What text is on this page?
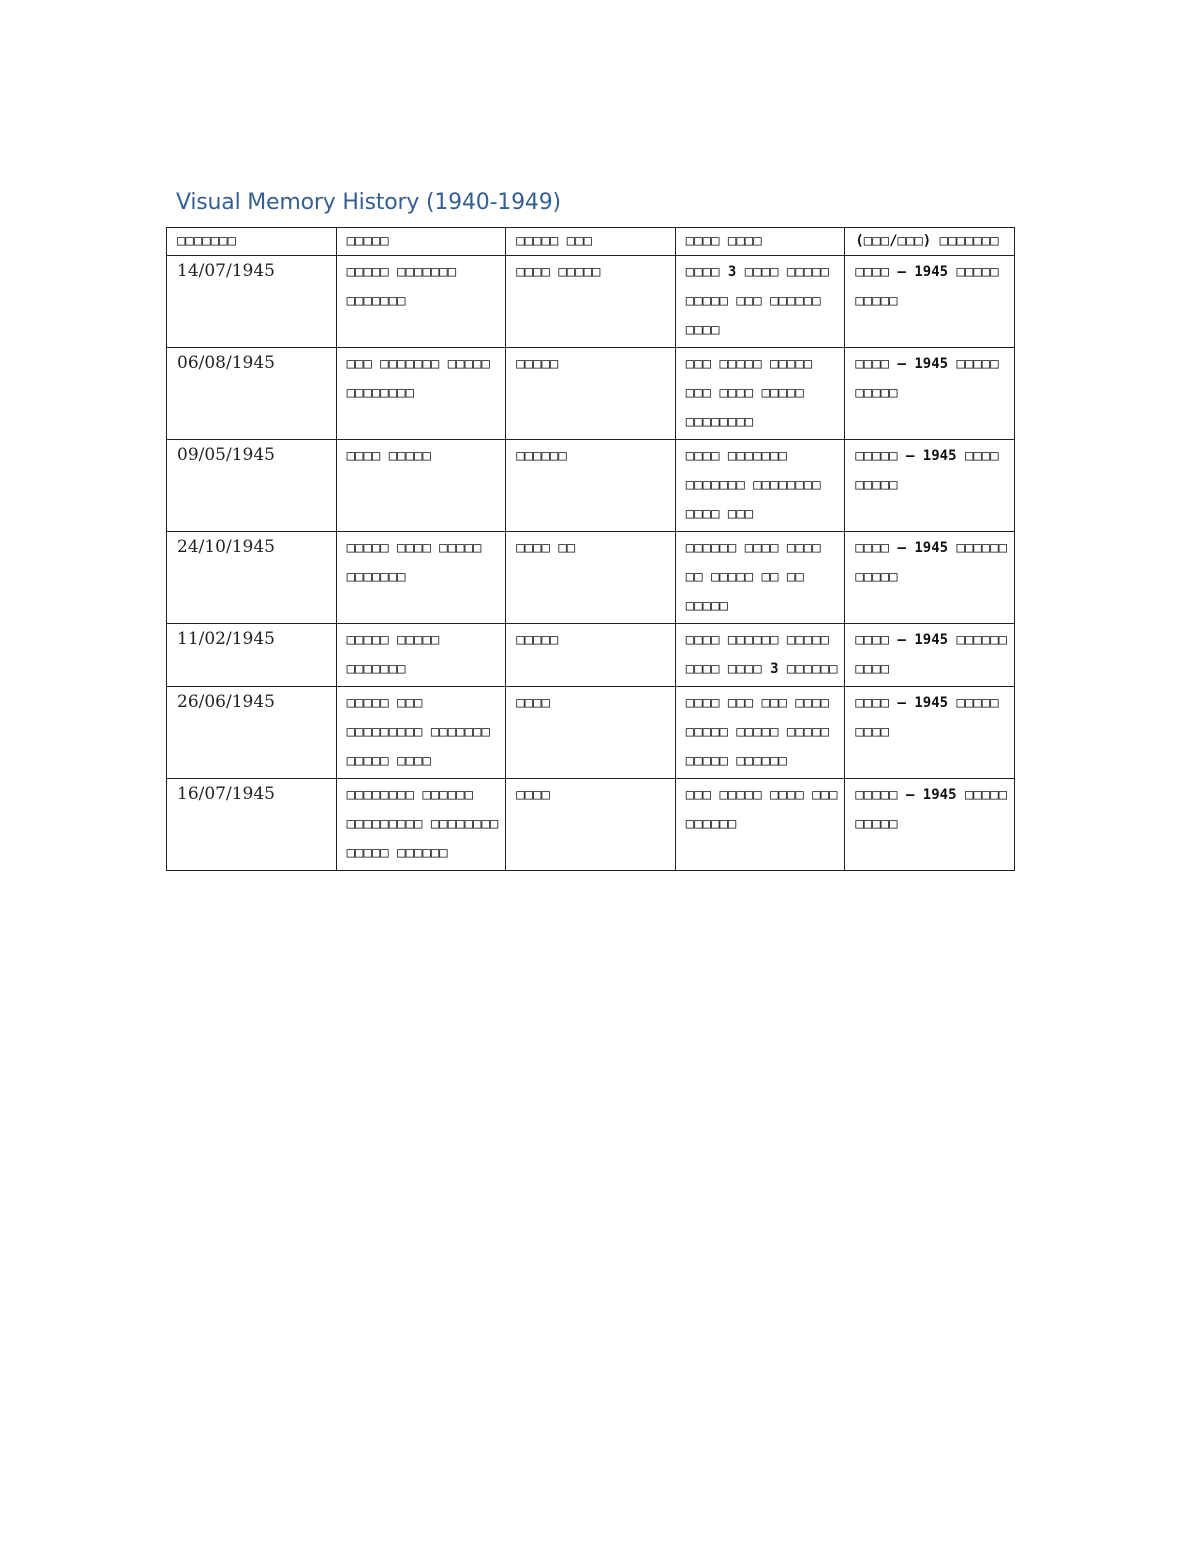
Visual Memory History (1940-1949)
□□□□□□□	□□□□□	□□□□□ □□□	□□□□ □□□□	(□□□/□□□) □□□□□□□
14/07/1945	□□□□□ □□□□□□□ □□□□□□□	□□□□ □□□□□	□□□□ 3 □□□□ □□□□□ □□□□□ □□□ □□□□□□ □□□□	□□□□ – 1945 □□□□□ □□□□□
06/08/1945	□□□ □□□□□□□ □□□□□ □□□□□□□□	□□□□□	□□□ □□□□□ □□□□□ □□□ □□□□ □□□□□ □□□□□□□□	□□□□ – 1945 □□□□□ □□□□□
09/05/1945	□□□□ □□□□□	□□□□□□	□□□□ □□□□□□□ □□□□□□□ □□□□□□□□ □□□□ □□□	□□□□□ – 1945 □□□□ □□□□□
24/10/1945	□□□□□ □□□□ □□□□□ □□□□□□□	□□□□ □□	□□□□□□ □□□□ □□□□ □□ □□□□□ □□ □□ □□□□□	□□□□ – 1945 □□□□□□ □□□□□
11/02/1945	□□□□□ □□□□□ □□□□□□□	□□□□□	□□□□ □□□□□□ □□□□□ □□□□ □□□□ 3 □□□□□□	□□□□ – 1945 □□□□□□ □□□□
26/06/1945	□□□□□ □□□ □□□□□□□□□ □□□□□□□ □□□□□ □□□□	□□□□	□□□□ □□□ □□□ □□□□ □□□□□ □□□□□ □□□□□ □□□□□ □□□□□□	□□□□ – 1945 □□□□□ □□□□
16/07/1945	□□□□□□□□ □□□□□□ □□□□□□□□□ □□□□□□□□ □□□□□ □□□□□□	□□□□	□□□ □□□□□ □□□□ □□□ □□□□□□	□□□□□ – 1945 □□□□□ □□□□□
